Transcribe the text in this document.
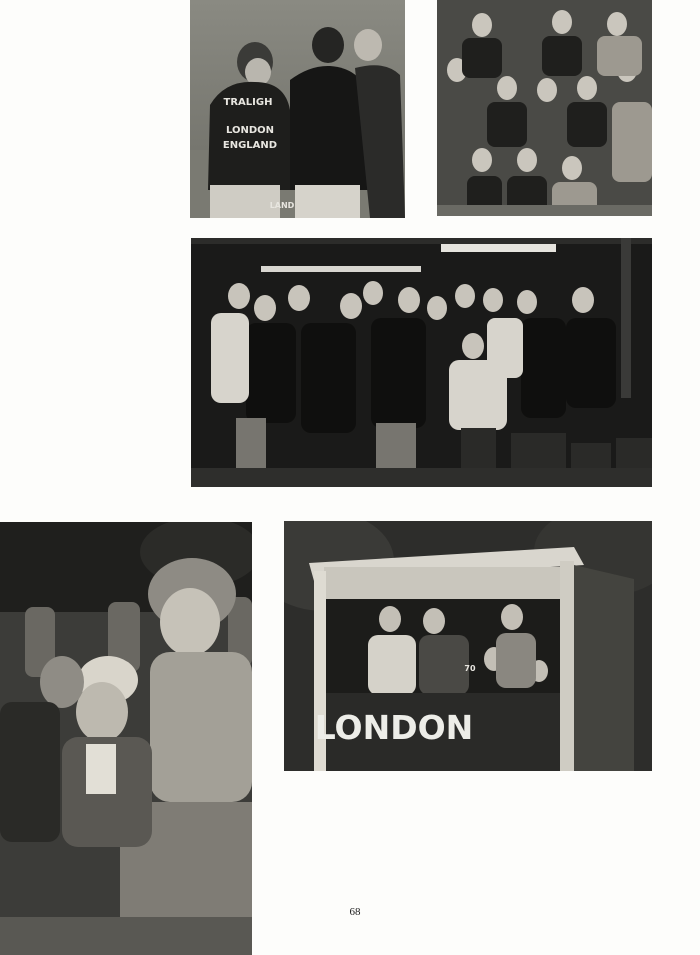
TRALIGH
LONDON
ENGLAND
LAND
LONDON
70
68
